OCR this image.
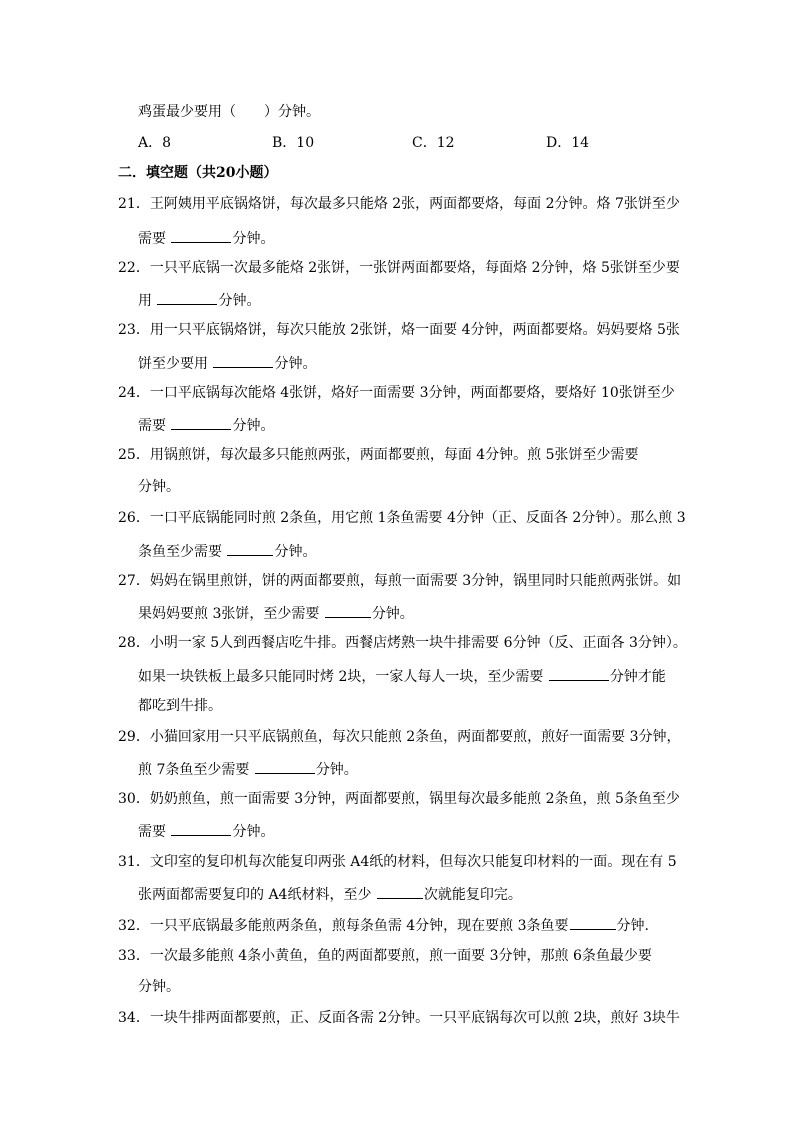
鸡蛋最少要用（　　）分钟。
A．8	B．10	C．12	D．14
二．填空题（共20小题）
21．王阿姨用平底锅烙饼，每次最多只能烙 2张，两面都要烙，每面 2分钟。烙 7张饼至少
需要	分钟。
22．一只平底锅一次最多能烙 2张饼，一张饼两面都要烙，每面烙 2分钟，烙 5张饼至少要
用	分钟。
23．用一只平底锅烙饼，每次只能放 2张饼，烙一面要 4分钟，两面都要烙。妈妈要烙 5张
饼至少要用	分钟。
24．一口平底锅每次能烙 4张饼，烙好一面需要 3分钟，两面都要烙，要烙好 10张饼至少
需要	分钟。
25．用锅煎饼，每次最多只能煎两张，两面都要煎，每面 4分钟。煎 5张饼至少需要
分钟。
26．一口平底锅能同时煎 2条鱼，用它煎 1条鱼需要 4分钟（正、反面各 2分钟）。那么煎 3
条鱼至少需要	分钟。
27．妈妈在锅里煎饼，饼的两面都要煎，每煎一面需要 3分钟，锅里同时只能煎两张饼。如
果妈妈要煎 3张饼，至少需要	分钟。
28．小明一家 5人到西餐店吃牛排。西餐店烤熟一块牛排需要 6分钟（反、正面各 3分钟）。
如果一块铁板上最多只能同时烤 2块，一家人每人一块，至少需要	分钟才能
都吃到牛排。
29．小猫回家用一只平底锅煎鱼，每次只能煎 2条鱼，两面都要煎，煎好一面需要 3分钟，
煎 7条鱼至少需要	分钟。
30．奶奶煎鱼，煎一面需要 3分钟，两面都要煎，锅里每次最多能煎 2条鱼，煎 5条鱼至少
需要	分钟。
31．文印室的复印机每次能复印两张 A4纸的材料，但每次只能复印材料的一面。现在有 5
张两面都需要复印的 A4纸材料，至少	次就能复印完。
32．一只平底锅最多能煎两条鱼，煎每条鱼需 4分钟，现在要煎 3条鱼要	分钟.
33．一次最多能煎 4条小黄鱼，鱼的两面都要煎，煎一面要 3分钟，那煎 6条鱼最少要
分钟。
34．一块牛排两面都要煎，正、反面各需 2分钟。一只平底锅每次可以煎 2块，煎好 3块牛
